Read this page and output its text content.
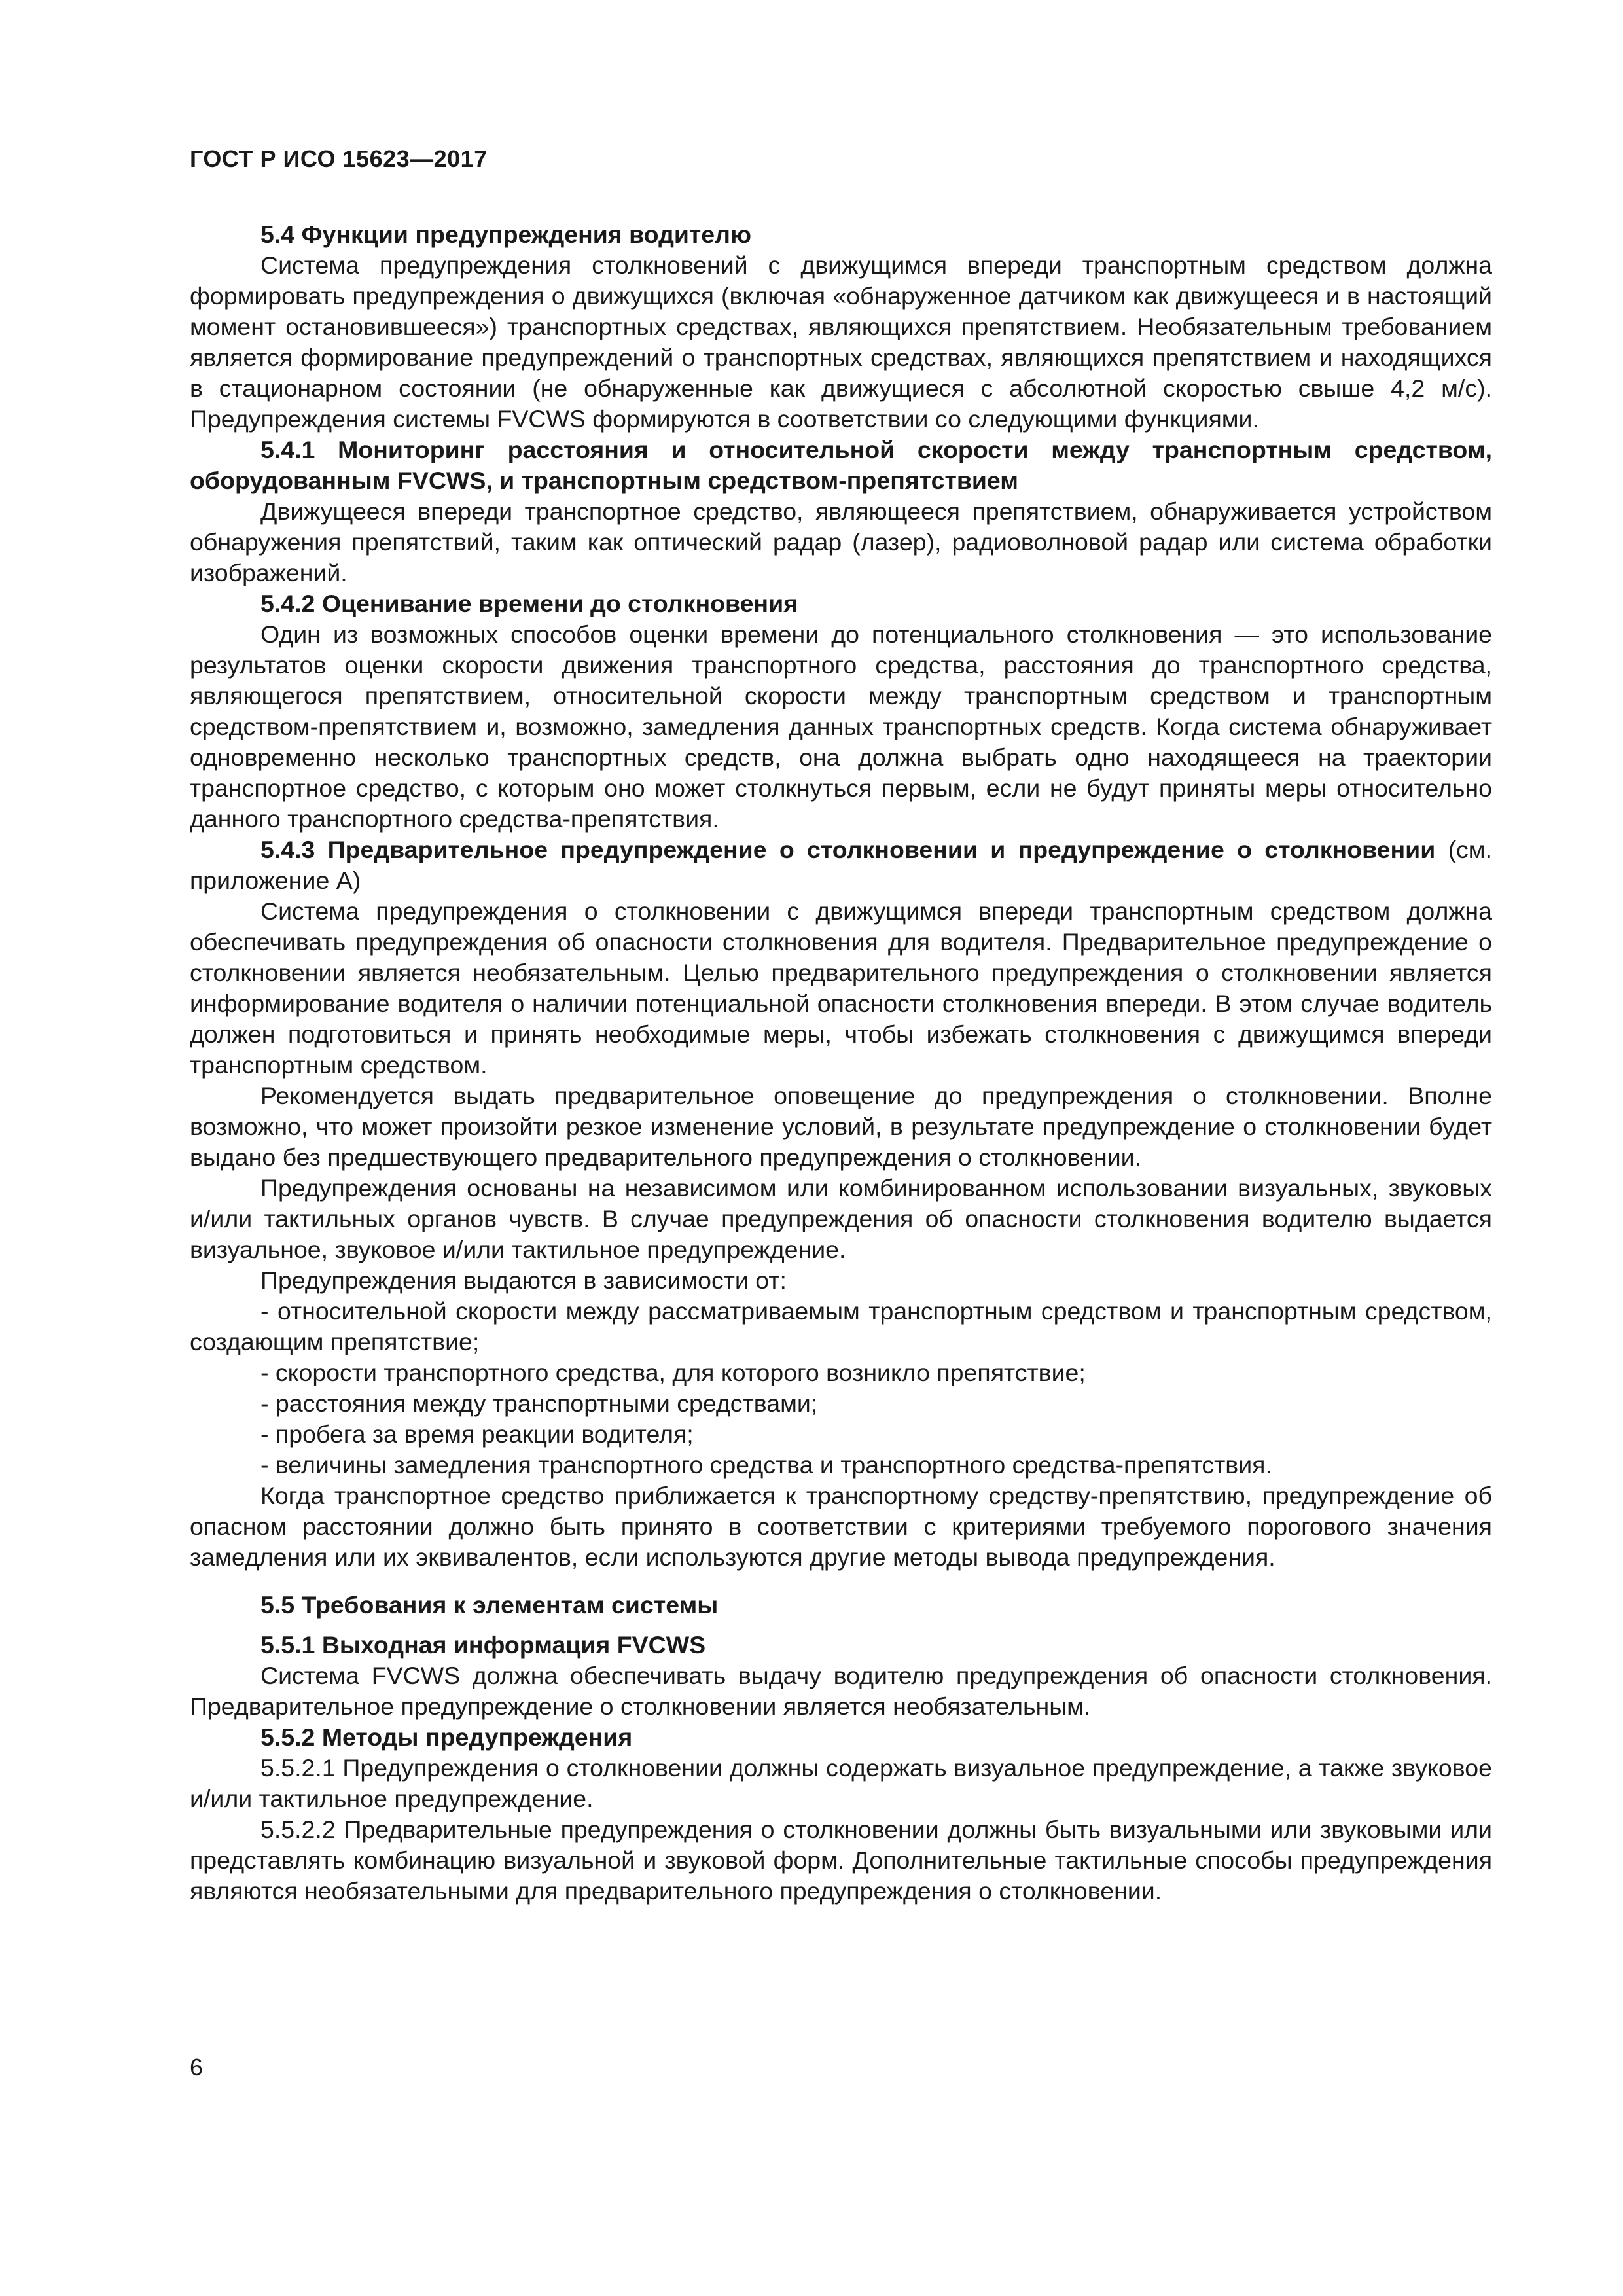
ГОСТ Р ИСО 15623—2017

5.4 Функции предупреждения водителю

Система предупреждения столкновений с движущимся впереди транспортным средством должна формировать предупреждения о движущихся (включая «обнаруженное датчиком как движущееся и в настоящий момент остановившееся») транспортных средствах, являющихся препятствием. Необязательным требованием является формирование предупреждений о транспортных средствах, являющихся препятствием и находящихся в стационарном состоянии (не обнаруженные как движущиеся с абсолютной скоростью свыше 4,2 м/с). Предупреждения системы FVCWS формируются в соответствии со следующими функциями.

5.4.1 Мониторинг расстояния и относительной скорости между транспортным средством, оборудованным FVCWS, и транспортным средством-препятствием

Движущееся впереди транспортное средство, являющееся препятствием, обнаруживается устройством обнаружения препятствий, таким как оптический радар (лазер), радиоволновой радар или система обработки изображений.

5.4.2 Оценивание времени до столкновения

Один из возможных способов оценки времени до потенциального столкновения — это использование результатов оценки скорости движения транспортного средства, расстояния до транспортного средства, являющегося препятствием, относительной скорости между транспортным средством и транспортным средством-препятствием и, возможно, замедления данных транспортных средств. Когда система обнаруживает одновременно несколько транспортных средств, она должна выбрать одно находящееся на траектории транспортное средство, с которым оно может столкнуться первым, если не будут приняты меры относительно данного транспортного средства-препятствия.

5.4.3 Предварительное предупреждение о столкновении и предупреждение о столкновении (см. приложение А)

Система предупреждения о столкновении с движущимся впереди транспортным средством должна обеспечивать предупреждения об опасности столкновения для водителя. Предварительное предупреждение о столкновении является необязательным. Целью предварительного предупреждения о столкновении является информирование водителя о наличии потенциальной опасности столкновения впереди. В этом случае водитель должен подготовиться и принять необходимые меры, чтобы избежать столкновения с движущимся впереди транспортным средством.

Рекомендуется выдать предварительное оповещение до предупреждения о столкновении. Вполне возможно, что может произойти резкое изменение условий, в результате предупреждение о столкновении будет выдано без предшествующего предварительного предупреждения о столкновении.

Предупреждения основаны на независимом или комбинированном использовании визуальных, звуковых и/или тактильных органов чувств. В случае предупреждения об опасности столкновения водителю выдается визуальное, звуковое и/или тактильное предупреждение.

Предупреждения выдаются в зависимости от:

- относительной скорости между рассматриваемым транспортным средством и транспортным средством, создающим препятствие;

- скорости транспортного средства, для которого возникло препятствие;

- расстояния между транспортными средствами;

- пробега за время реакции водителя;

- величины замедления транспортного средства и транспортного средства-препятствия.

Когда транспортное средство приближается к транспортному средству-препятствию, предупреждение об опасном расстоянии должно быть принято в соответствии с критериями требуемого порогового значения замедления или их эквивалентов, если используются другие методы вывода предупреждения.

5.5 Требования к элементам системы

5.5.1 Выходная информация FVCWS

Система FVCWS должна обеспечивать выдачу водителю предупреждения об опасности столкновения. Предварительное предупреждение о столкновении является необязательным.

5.5.2 Методы предупреждения

5.5.2.1 Предупреждения о столкновении должны содержать визуальное предупреждение, а также звуковое и/или тактильное предупреждение.

5.5.2.2 Предварительные предупреждения о столкновении должны быть визуальными или звуковыми или представлять комбинацию визуальной и звуковой форм. Дополнительные тактильные способы предупреждения являются необязательными для предварительного предупреждения о столкновении.

6
